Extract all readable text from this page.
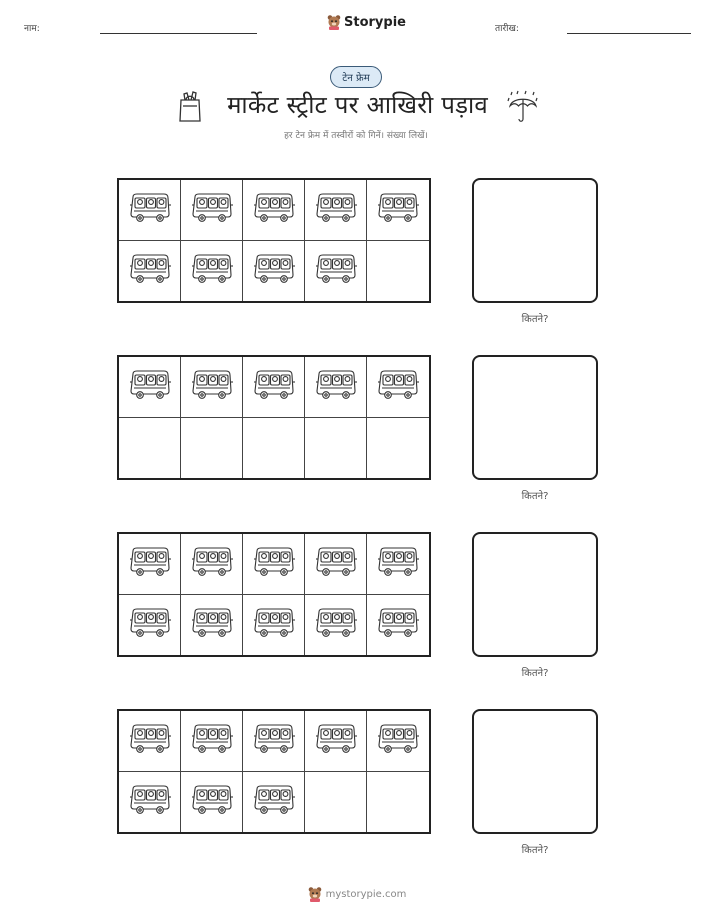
नाम:	Storypie	तारीख:
टेन फ्रेम
मार्केट स्ट्रीट पर आखिरी पड़ाव
हर टेन फ्रेम में तस्वीरों को गिनें। संख्या लिखें।
कितने?
कितने?
कितने?
कितने?
mystorypie.com
